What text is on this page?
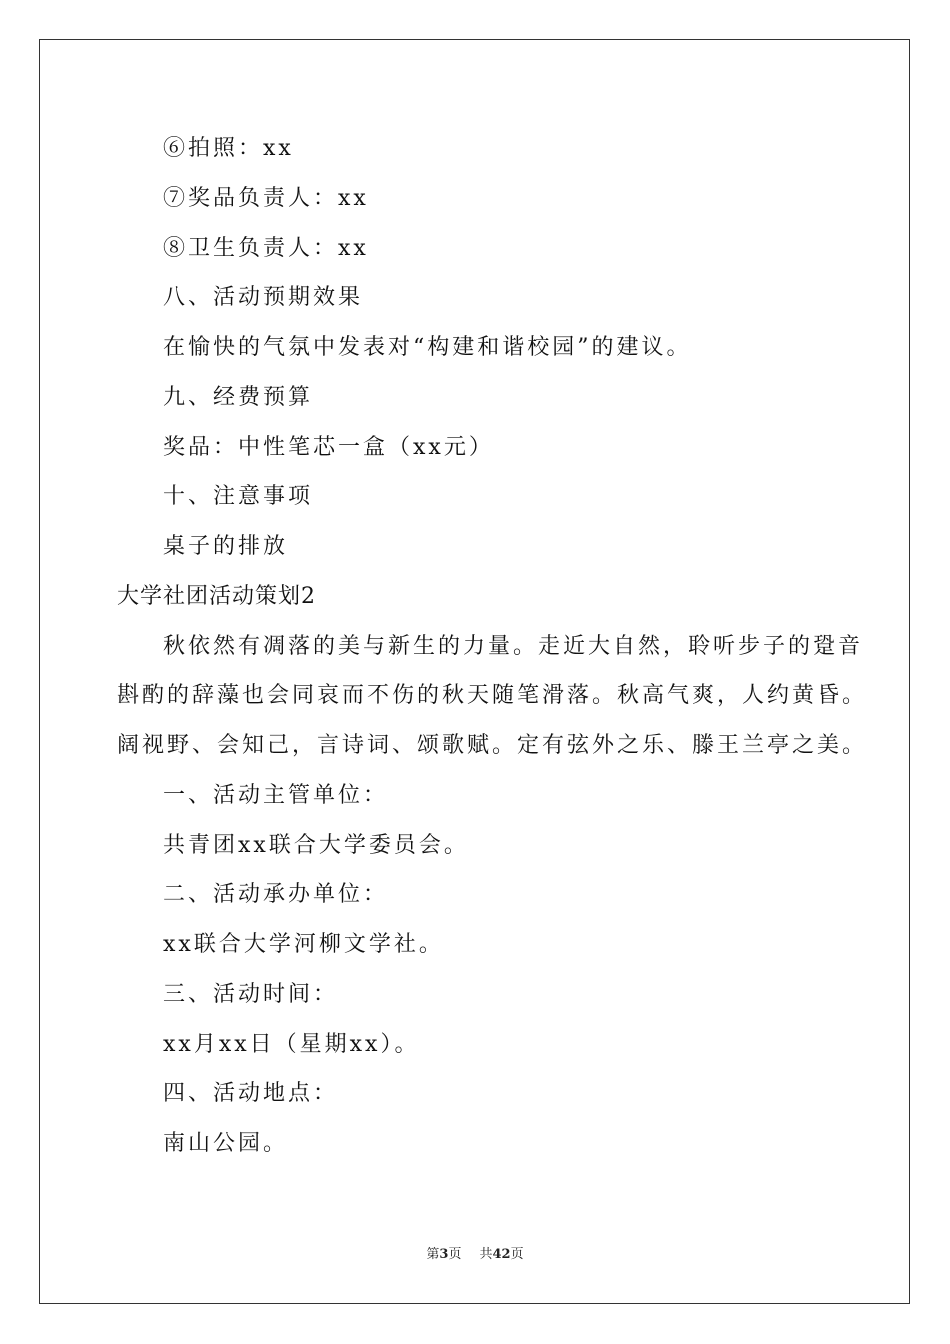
⑥拍照：xx
⑦奖品负责人：xx
⑧卫生负责人：xx
八、活动预期效果
在愉快的气氛中发表对“构建和谐校园”的建议。
九、经费预算
奖品：中性笔芯一盒（xx元）
十、注意事项
桌子的排放
大学社团活动策划2
秋依然有凋落的美与新生的力量。走近大自然，聆听步子的跫音
斟酌的辞藻也会同哀而不伤的秋天随笔滑落。秋高气爽，人约黄昏。
阔视野、会知己，言诗词、颂歌赋。定有弦外之乐、滕王兰亭之美。
一、活动主管单位：
共青团xx联合大学委员会。
二、活动承办单位：
xx联合大学河柳文学社。
三、活动时间：
xx月xx日（星期xx）。
四、活动地点：
南山公园。
第3页 共42页
